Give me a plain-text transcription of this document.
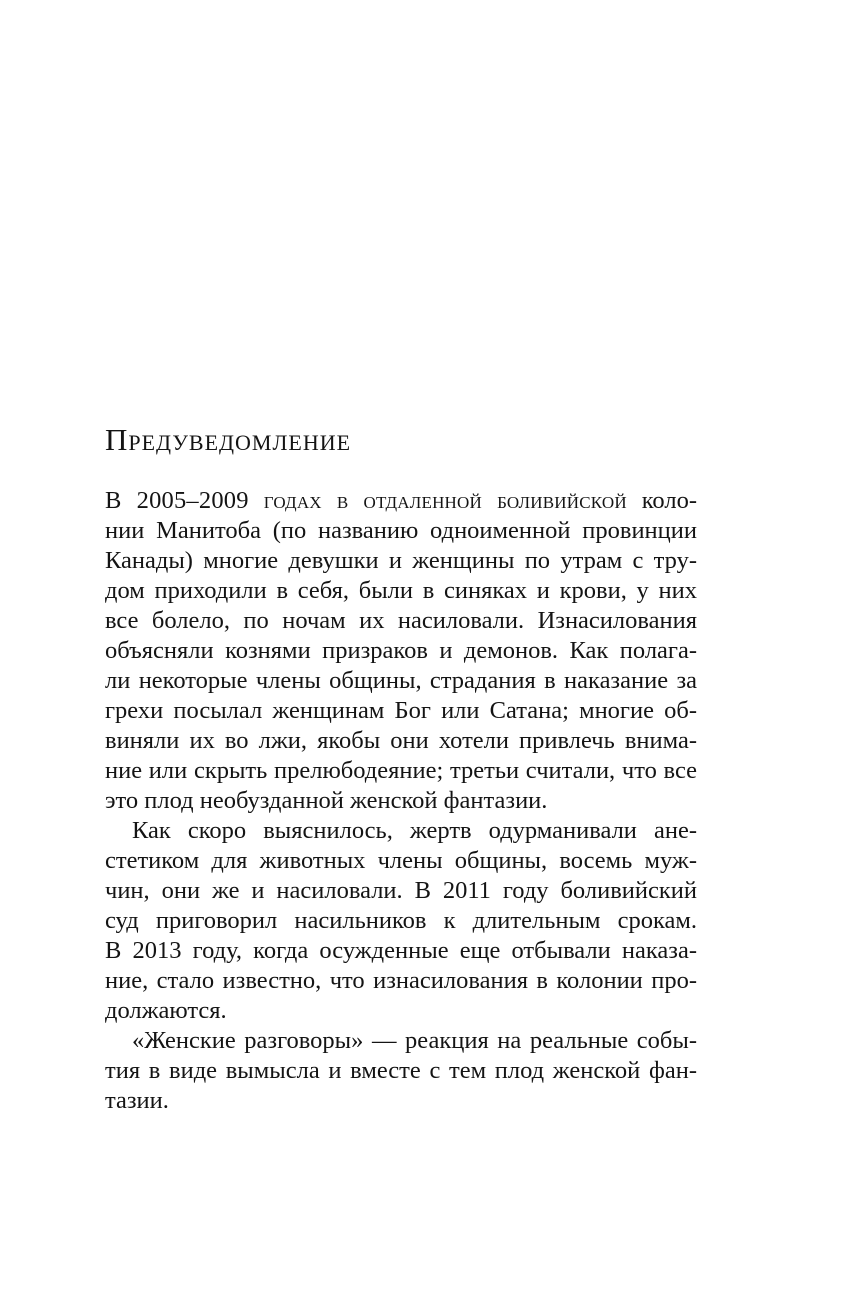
Предуведомление
В 2005–2009 годах в отдаленной боливийской коло-
нии Манитоба (по названию одноименной провинции
Канады) многие девушки и женщины по утрам с тру-
дом приходили в себя, были в синяках и крови, у них
все болело, по ночам их насиловали. Изнасилования
объясняли кознями призраков и демонов. Как полага-
ли некоторые члены общины, страдания в наказание за
грехи посылал женщинам Бог или Сатана; многие об-
виняли их во лжи, якобы они хотели привлечь внима-
ние или скрыть прелюбодеяние; третьи считали, что все
это плод необузданной женской фантазии.
Как скоро выяснилось, жертв одурманивали ане-
стетиком для животных члены общины, восемь муж-
чин, они же и насиловали. В 2011 году боливийский
суд приговорил насильников к длительным срокам.
В 2013 году, когда осужденные еще отбывали наказа-
ние, стало известно, что изнасилования в колонии про-
должаются.
«Женские разговоры» — реакция на реальные собы-
тия в виде вымысла и вместе с тем плод женской фан-
тазии.
